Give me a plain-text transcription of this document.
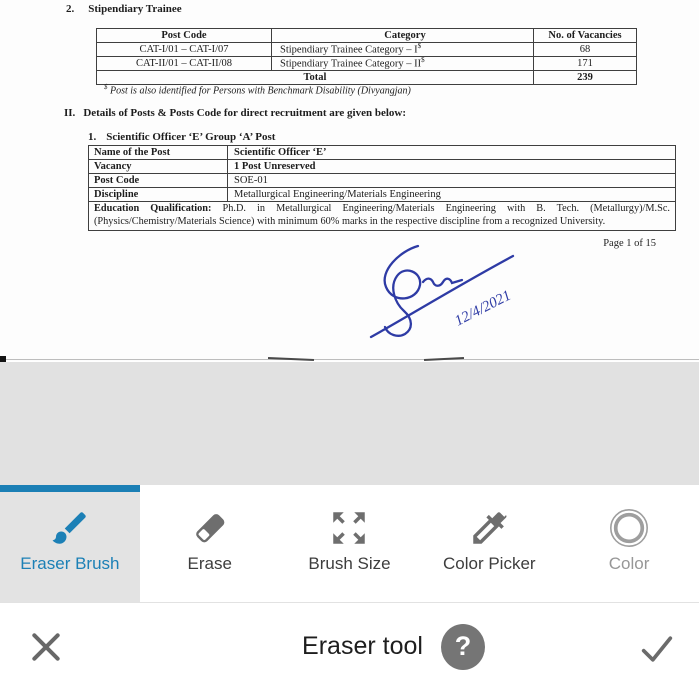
2. Stipendiary Trainee
Post Code	Category	No. of Vacancies
CAT-I/01 – CAT-I/07	Stipendiary Trainee Category – I$	68
CAT-II/01 – CAT-II/08	Stipendiary Trainee Category – II$	171
Total		239
$ Post is also identified for Persons with Benchmark Disability (Divyangjan)
II. Details of Posts & Posts Code for direct recruitment are given below:
1. Scientific Officer ‘E’ Group ‘A’ Post
Name of the Post	Scientific Officer ‘E’
Vacancy	1 Post Unreserved
Post Code	SOE-01
Discipline	Metallurgical Engineering/Materials Engineering
Education Qualification: Ph.D. in Metallurgical Engineering/Materials Engineering with B. Tech. (Metallurgy)/M.Sc. (Physics/Chemistry/Materials Science) with minimum 60% marks in the respective discipline from a recognized University.	
Page 1 of 15
12/4/2021
Eraser Brush	Erase	Brush Size	Color Picker	Color
Eraser tool	?
